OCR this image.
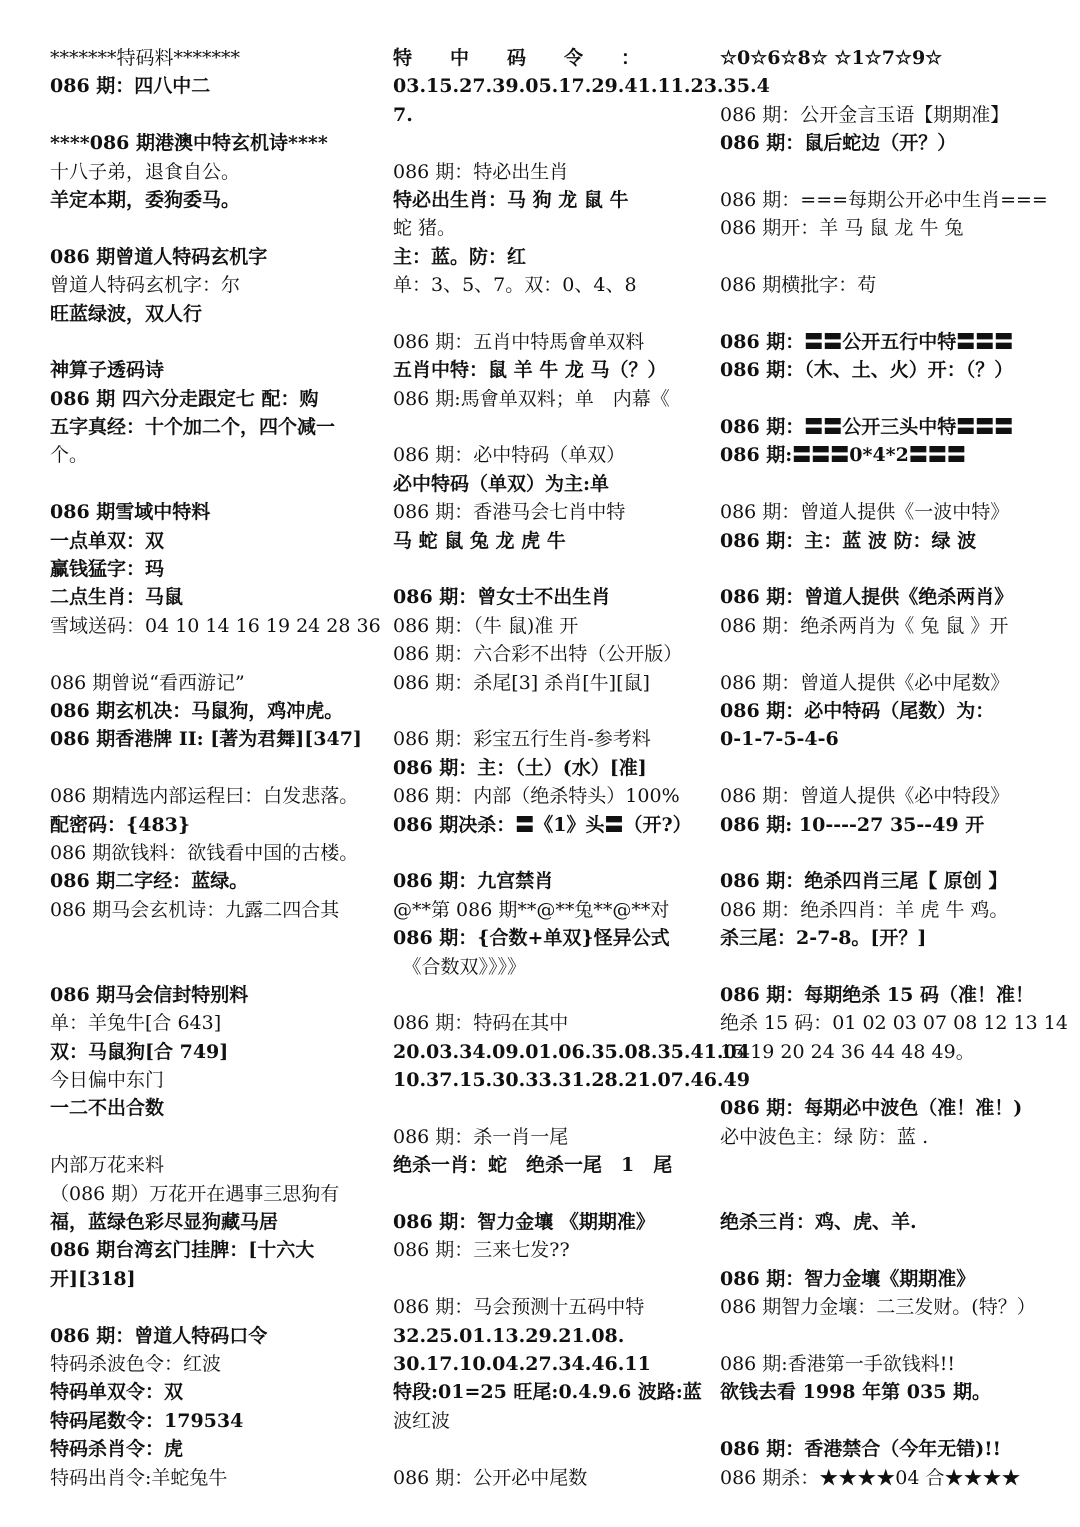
*******特码料*******
086 期：四八中二
****086 期港澳中特玄机诗****
十八子弟，退食自公。
羊定本期，委狗委马。
086 期曾道人特码玄机字
曾道人特码玄机字：尔
旺蓝绿波，双人行
神算子透码诗
086 期 四六分走跟定七 配：购
五字真经：十个加二个，四个减一
个。
086 期雪域中特料
一点单双：双
赢钱猛字：玛
二点生肖：马鼠
雪域送码：04 10 14 16 19 24 28 36
086 期曾说“看西游记”
086 期玄机决：马鼠狗，鸡冲虎。
086 期香港牌 II: [著为君舞][347]
086 期精选内部运程曰：白发悲落。
配密码：{483}
086 期欲钱料：欲钱看中国的古楼。
086 期二字经：蓝绿。
086 期马会玄机诗：九露二四合其
086 期马会信封特别料
单：羊兔牛[合 643]
双：马鼠狗[合 749]
今日偏中东门
一二不出合数
内部万花来料
（086 期）万花开在遇事三思狗有
福，蓝绿色彩尽显狗藏马居
086 期台湾玄门挂脾：[十六大
开][318]
086 期：曾道人特码口令
特码杀波色令：红波
特码单双令：双
特码尾数令：179534
特码杀肖令：虎
特码出肖令:羊蛇兔牛
特　　中　　码　　令　　：
03.15.27.39.05.17.29.41.11.23.35.4
7.
086 期：特必出生肖
特必出生肖：马 狗 龙 鼠 牛
蛇 猪。
主：蓝。防：红
单：3、5、7。双：0、4、8
086 期：五肖中特馬會单双料
五肖中特：鼠 羊 牛 龙 马（？）
086 期:馬會单双料；单　内幕《
086 期：必中特码（单双）
必中特码（单双）为主:单
086 期：香港马会七肖中特
马 蛇 鼠 兔 龙 虎 牛
086 期：曾女士不出生肖
086 期：（牛 鼠)准 开
086 期：六合彩不出特（公开版）
086 期：杀尾[3] 杀肖[牛][鼠]
086 期：彩宝五行生肖-参考料
086 期：主：（土）(水）[准]
086 期：内部（绝杀特头）100%
086 期决杀：〓《1》头〓（开?）
086 期：九宫禁肖
@**第 086 期**@**兔**@**对
086 期：{合数+单双}怪异公式
　《合数双》》》》
086 期：特码在其中
20.03.34.09.01.06.35.08.35.41.04
10.37.15.30.33.31.28.21.07.46.49
086 期：杀一肖一尾
绝杀一肖：蛇　绝杀一尾　1　尾
086 期：智力金壤 《期期准》
086 期：三来七发??
086 期：马会预测十五码中特
32.25.01.13.29.21.08.
30.17.10.04.27.34.46.11
特段:01=25 旺尾:0.4.9.6 波路:蓝
波红波
086 期：公开必中尾数
☆0☆6☆8☆ ☆1☆7☆9☆
086 期：公开金言玉语【期期准】
086 期：鼠后蛇边（开？）
086 期：===每期公开必中生肖===
086 期开：羊 马 鼠 龙 牛 兔
086 期横批字：苟
086 期：〓〓公开五行中特〓〓〓
086 期：（木、土、火）开：（？）
086 期：〓〓公开三头中特〓〓〓
086 期:〓〓〓0*4*2〓〓〓
086 期：曾道人提供《一波中特》
086 期：主：蓝 波 防：绿 波
086 期：曾道人提供《绝杀两肖》
086 期：绝杀两肖为《 兔 鼠 》开
086 期：曾道人提供《必中尾数》
086 期：必中特码（尾数）为：
0-1-7-5-4-6
086 期：曾道人提供《必中特段》
086 期: 10----27 35--49 开
086 期：绝杀四肖三尾【 原创 】
086 期：绝杀四肖：羊 虎 牛 鸡。
杀三尾：2-7-8。[开？]
086 期：每期绝杀 15 码（准！准！
绝杀 15 码：01 02 03 07 08 12 13 14
15 19 20 24 36 44 48 49。
086 期：每期必中波色（准！准！)
必中波色主：绿 防：蓝 .
绝杀三肖：鸡、虎、羊.
086 期：智力金壤《期期准》
086 期智力金壤：二三发财。(特？）
086 期:香港第一手欲钱料!!
欲钱去看 1998 年第 035 期。
086 期：香港禁合（今年无错)!!
086 期杀：★★★★04 合★★★★
